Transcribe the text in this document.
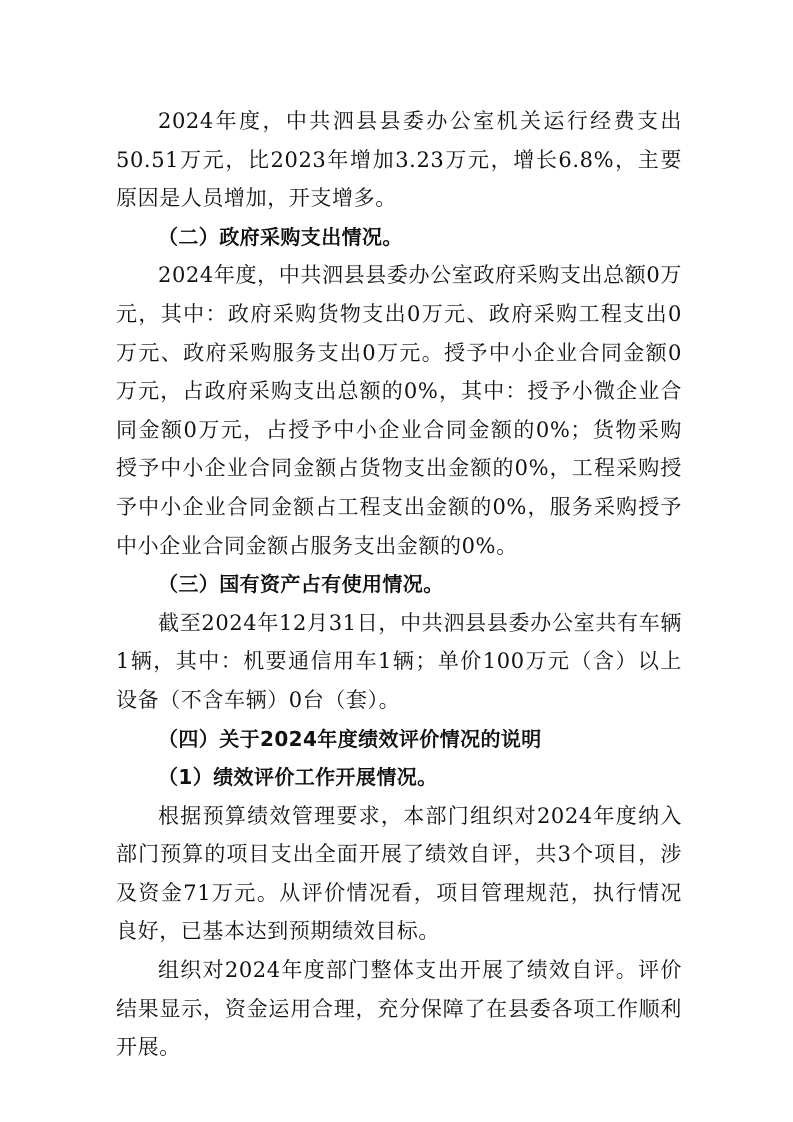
2024年度，中共泗县县委办公室机关运行经费支出50.51万元，比2023年增加3.23万元，增长6.8%，主要原因是人员增加，开支增多。

（二）政府采购支出情况。

2024年度，中共泗县县委办公室政府采购支出总额0万元，其中：政府采购货物支出0万元、政府采购工程支出0万元、政府采购服务支出0万元。授予中小企业合同金额0万元，占政府采购支出总额的0%，其中：授予小微企业合同金额0万元，占授予中小企业合同金额的0%；货物采购授予中小企业合同金额占货物支出金额的0%，工程采购授予中小企业合同金额占工程支出金额的0%，服务采购授予中小企业合同金额占服务支出金额的0%。

（三）国有资产占有使用情况。

截至2024年12月31日，中共泗县县委办公室共有车辆1辆，其中：机要通信用车1辆；单价100万元（含）以上设备（不含车辆）0台（套）。

（四）关于2024年度绩效评价情况的说明

（1）绩效评价工作开展情况。

根据预算绩效管理要求，本部门组织对2024年度纳入部门预算的项目支出全面开展了绩效自评，共3个项目，涉及资金71万元。从评价情况看，项目管理规范，执行情况良好，已基本达到预期绩效目标。

组织对2024年度部门整体支出开展了绩效自评。评价结果显示，资金运用合理，充分保障了在县委各项工作顺利开展。
